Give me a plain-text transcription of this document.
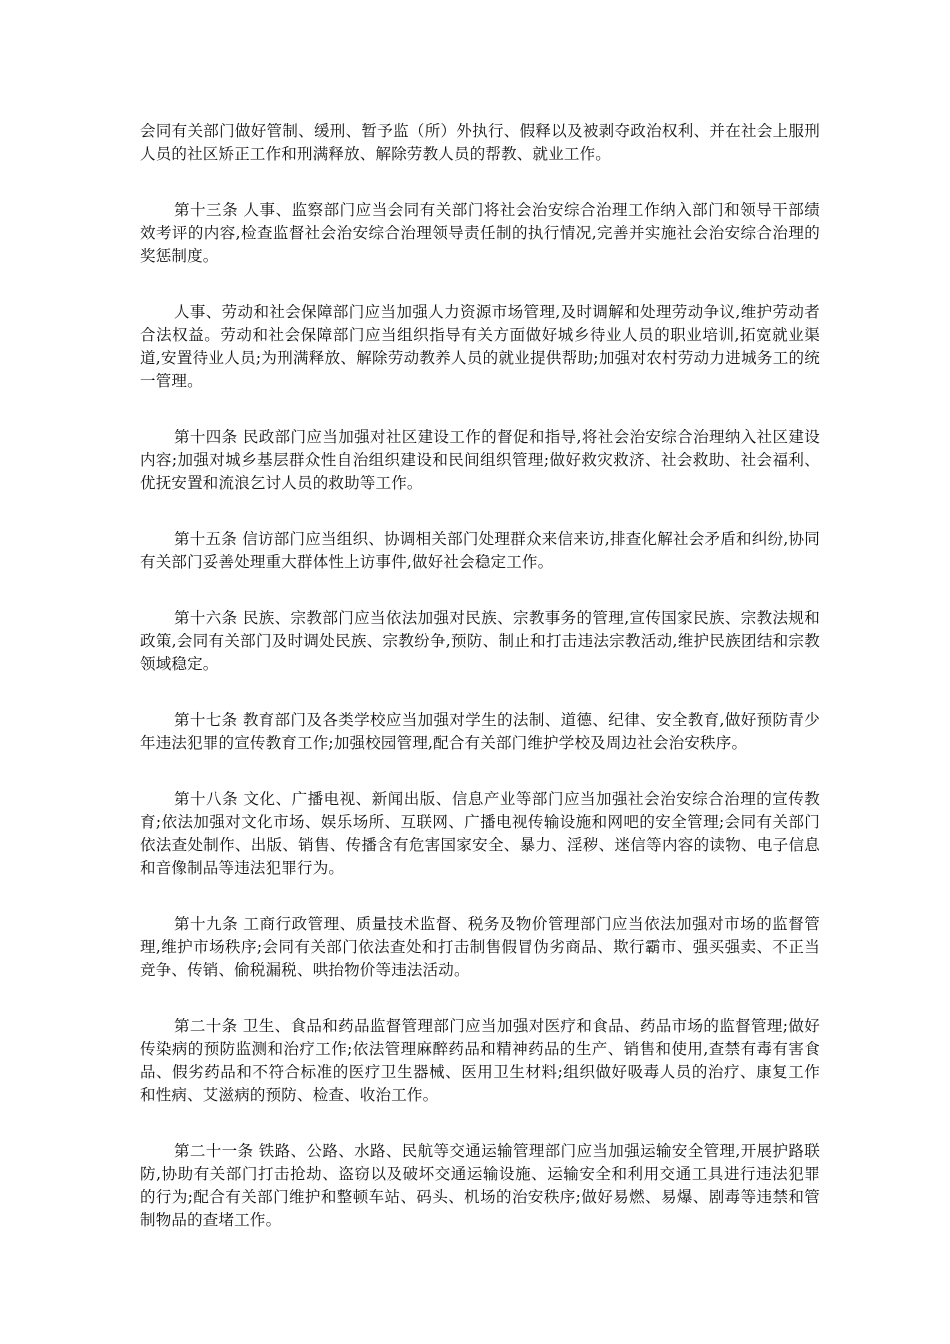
会同有关部门做好管制、缓刑、暂予监（所）外执行、假释以及被剥夺政治权利、并在社会上服刑人员的社区矫正工作和刑满释放、解除劳教人员的帮教、就业工作。

第十三条 人事、监察部门应当会同有关部门将社会治安综合治理工作纳入部门和领导干部绩效考评的内容,检查监督社会治安综合治理领导责任制的执行情况,完善并实施社会治安综合治理的奖惩制度。

人事、劳动和社会保障部门应当加强人力资源市场管理,及时调解和处理劳动争议,维护劳动者合法权益。劳动和社会保障部门应当组织指导有关方面做好城乡待业人员的职业培训,拓宽就业渠道,安置待业人员;为刑满释放、解除劳动教养人员的就业提供帮助;加强对农村劳动力进城务工的统一管理。

第十四条 民政部门应当加强对社区建设工作的督促和指导,将社会治安综合治理纳入社区建设内容;加强对城乡基层群众性自治组织建设和民间组织管理;做好救灾救济、社会救助、社会福利、优抚安置和流浪乞讨人员的救助等工作。

第十五条 信访部门应当组织、协调相关部门处理群众来信来访,排查化解社会矛盾和纠纷,协同有关部门妥善处理重大群体性上访事件,做好社会稳定工作。

第十六条 民族、宗教部门应当依法加强对民族、宗教事务的管理,宣传国家民族、宗教法规和政策,会同有关部门及时调处民族、宗教纷争,预防、制止和打击违法宗教活动,维护民族团结和宗教领域稳定。

第十七条 教育部门及各类学校应当加强对学生的法制、道德、纪律、安全教育,做好预防青少年违法犯罪的宣传教育工作;加强校园管理,配合有关部门维护学校及周边社会治安秩序。

第十八条 文化、广播电视、新闻出版、信息产业等部门应当加强社会治安综合治理的宣传教育;依法加强对文化市场、娱乐场所、互联网、广播电视传输设施和网吧的安全管理;会同有关部门依法查处制作、出版、销售、传播含有危害国家安全、暴力、淫秽、迷信等内容的读物、电子信息和音像制品等违法犯罪行为。

第十九条 工商行政管理、质量技术监督、税务及物价管理部门应当依法加强对市场的监督管理,维护市场秩序;会同有关部门依法查处和打击制售假冒伪劣商品、欺行霸市、强买强卖、不正当竞争、传销、偷税漏税、哄抬物价等违法活动。

第二十条 卫生、食品和药品监督管理部门应当加强对医疗和食品、药品市场的监督管理;做好传染病的预防监测和治疗工作;依法管理麻醉药品和精神药品的生产、销售和使用,查禁有毒有害食品、假劣药品和不符合标准的医疗卫生器械、医用卫生材料;组织做好吸毒人员的治疗、康复工作和性病、艾滋病的预防、检查、收治工作。

第二十一条 铁路、公路、水路、民航等交通运输管理部门应当加强运输安全管理,开展护路联防,协助有关部门打击抢劫、盗窃以及破坏交通运输设施、运输安全和利用交通工具进行违法犯罪的行为;配合有关部门维护和整顿车站、码头、机场的治安秩序;做好易燃、易爆、剧毒等违禁和管制物品的查堵工作。
